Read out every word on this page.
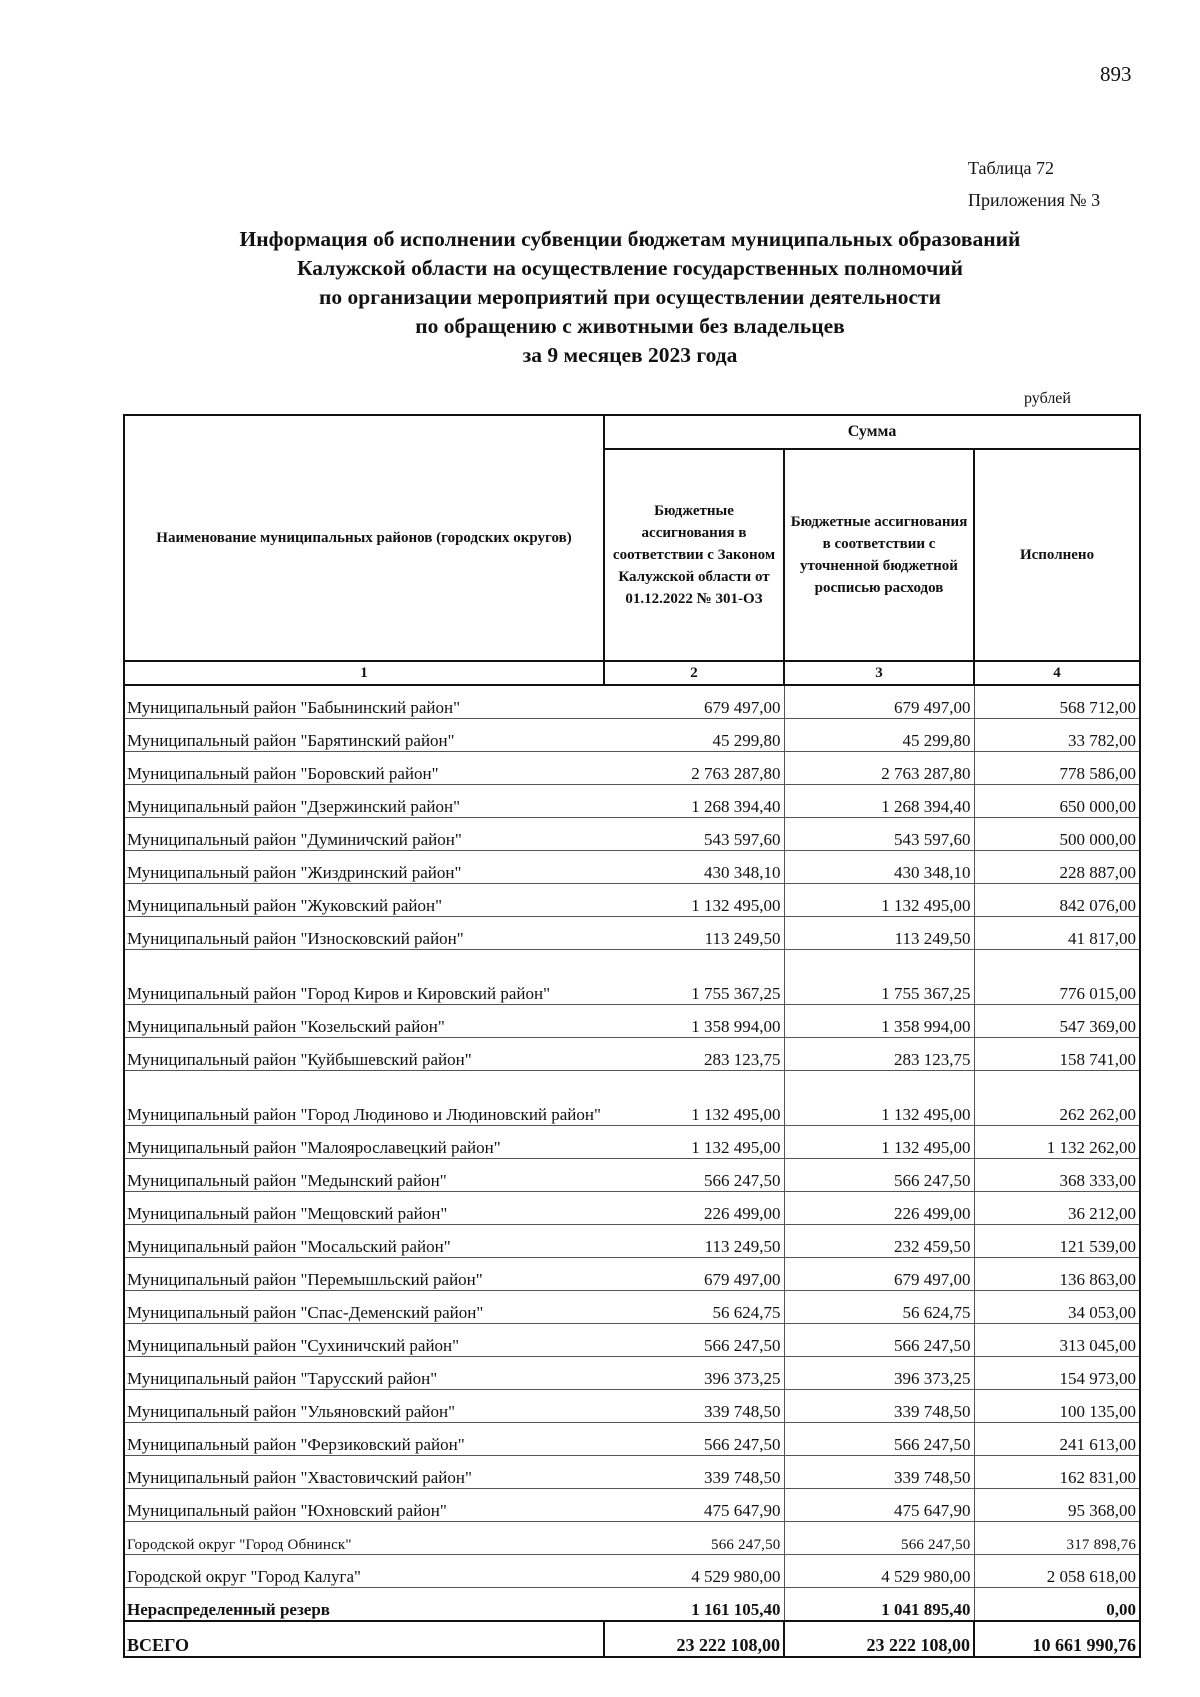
893
Таблица 72
Приложения № 3
Информация об исполнении субвенции бюджетам муниципальных образований
Калужской области на осуществление государственных полномочий
по организации мероприятий при осуществлении деятельности
по обращению с животными без владельцев
за 9 месяцев 2023 года
рублей
Наименование муниципальных районов (городских округов)	Сумма		
	Бюджетные ассигнования в соответствии с Законом Калужской области от 01.12.2022 № 301-ОЗ	Бюджетные ассигнования в соответствии с уточненной бюджетной росписью расходов	Исполнено
1	2	3	4
Муниципальный район "Бабынинский район"	679 497,00	679 497,00	568 712,00
Муниципальный район "Барятинский район"	45 299,80	45 299,80	33 782,00
Муниципальный район "Боровский район"	2 763 287,80	2 763 287,80	778 586,00
Муниципальный район "Дзержинский район"	1 268 394,40	1 268 394,40	650 000,00
Муниципальный район "Думиничский район"	543 597,60	543 597,60	500 000,00
Муниципальный район "Жиздринский район"	430 348,10	430 348,10	228 887,00
Муниципальный район "Жуковский район"	1 132 495,00	1 132 495,00	842 076,00
Муниципальный район "Износковский район"	113 249,50	113 249,50	41 817,00
Муниципальный район "Город Киров и Кировский район"	1 755 367,25	1 755 367,25	776 015,00
Муниципальный район "Козельский район"	1 358 994,00	1 358 994,00	547 369,00
Муниципальный район "Куйбышевский район"	283 123,75	283 123,75	158 741,00
Муниципальный район "Город Людиново и Людиновский район"	1 132 495,00	1 132 495,00	262 262,00
Муниципальный район "Малоярославецкий район"	1 132 495,00	1 132 495,00	1 132 262,00
Муниципальный район "Медынский район"	566 247,50	566 247,50	368 333,00
Муниципальный район "Мещовский район"	226 499,00	226 499,00	36 212,00
Муниципальный район "Мосальский район"	113 249,50	232 459,50	121 539,00
Муниципальный район "Перемышльский район"	679 497,00	679 497,00	136 863,00
Муниципальный район "Спас-Деменский район"	56 624,75	56 624,75	34 053,00
Муниципальный район "Сухиничский район"	566 247,50	566 247,50	313 045,00
Муниципальный район "Тарусский район"	396 373,25	396 373,25	154 973,00
Муниципальный район "Ульяновский район"	339 748,50	339 748,50	100 135,00
Муниципальный район "Ферзиковский район"	566 247,50	566 247,50	241 613,00
Муниципальный район "Хвастовичский район"	339 748,50	339 748,50	162 831,00
Муниципальный район "Юхновский район"	475 647,90	475 647,90	95 368,00
Городской округ "Город Обнинск"	566 247,50	566 247,50	317 898,76
Городской округ "Город Калуга"	4 529 980,00	4 529 980,00	2 058 618,00
Нераспределенный резерв	1 161 105,40	1 041 895,40	0,00
ВСЕГО	23 222 108,00	23 222 108,00	10 661 990,76
